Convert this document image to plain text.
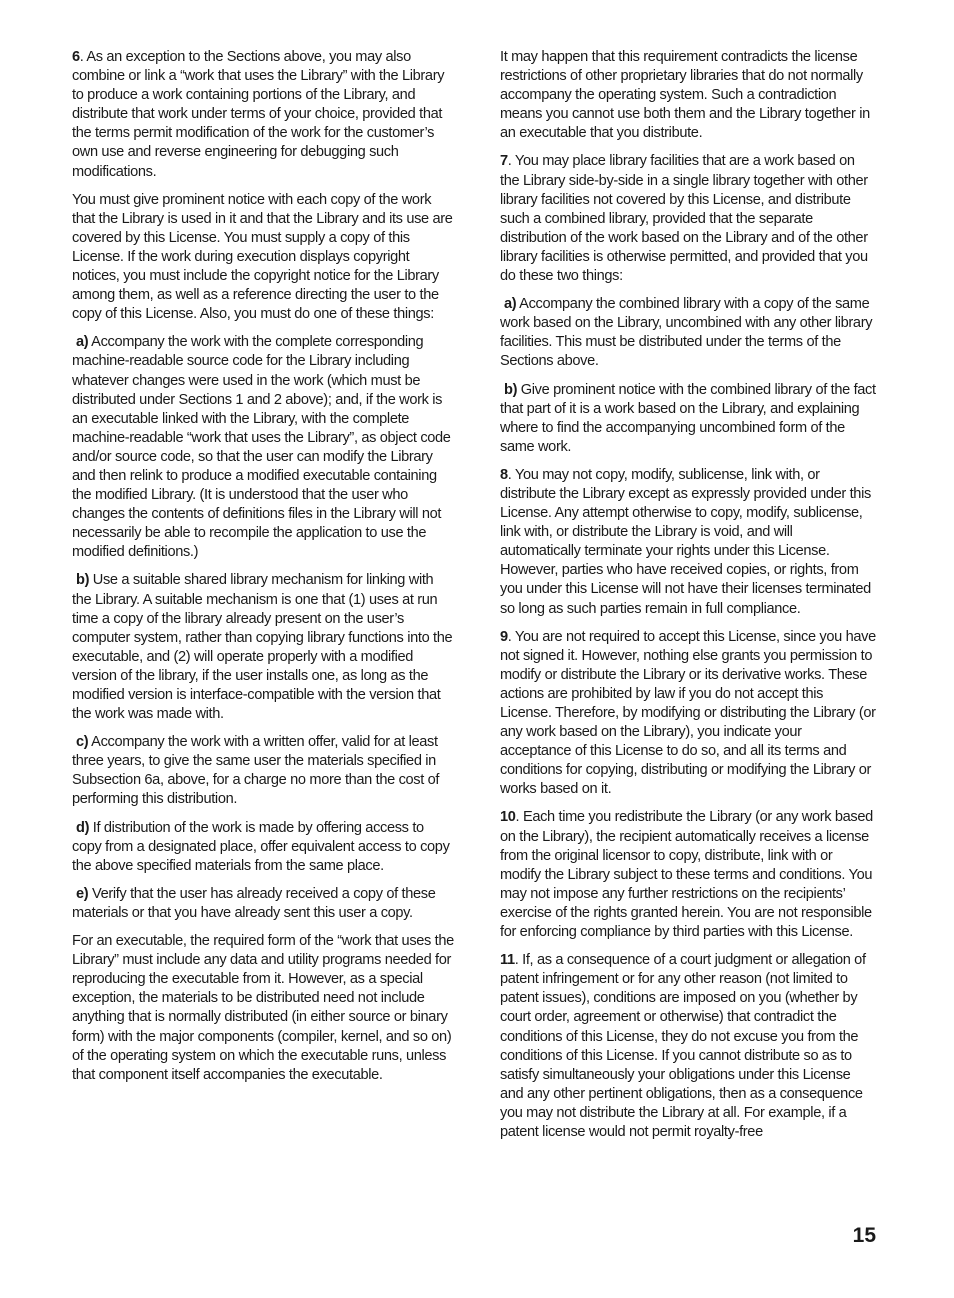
6. As an exception to the Sections above, you may also combine or link a “work that uses the Library” with the Library to produce a work containing portions of the Library, and distribute that work under terms of your choice, provided that the terms permit modification of the work for the customer’s own use and reverse engineering for debugging such modifications.

You must give prominent notice with each copy of the work that the Library is used in it and that the Library and its use are covered by this License. You must supply a copy of this License. If the work during execution displays copyright notices, you must include the copyright notice for the Library among them, as well as a reference directing the user to the copy of this License. Also, you must do one of these things:

a) Accompany the work with the complete corresponding machine-readable source code for the Library including whatever changes were used in the work (which must be distributed under Sections 1 and 2 above); and, if the work is an executable linked with the Library, with the complete machine-readable “work that uses the Library”, as object code and/or source code, so that the user can modify the Library and then relink to produce a modified executable containing the modified Library. (It is understood that the user who changes the contents of definitions files in the Library will not necessarily be able to recompile the application to use the modified definitions.)

b) Use a suitable shared library mechanism for linking with the Library. A suitable mechanism is one that (1) uses at run time a copy of the library already present on the user’s computer system, rather than copying library functions into the executable, and (2) will operate properly with a modified version of the library, if the user installs one, as long as the modified version is interface-compatible with the version that the work was made with.

c) Accompany the work with a written offer, valid for at least three years, to give the same user the materials specified in Subsection 6a, above, for a charge no more than the cost of performing this distribution.

d) If distribution of the work is made by offering access to copy from a designated place, offer equivalent access to copy the above specified materials from the same place.

e) Verify that the user has already received a copy of these materials or that you have already sent this user a copy.

For an executable, the required form of the “work that uses the Library” must include any data and utility programs needed for reproducing the executable from it. However, as a special exception, the materials to be distributed need not include anything that is normally distributed (in either source or binary form) with the major components (compiler, kernel, and so on) of the operating system on which the executable runs, unless that component itself accompanies the executable.

It may happen that this requirement contradicts the license restrictions of other proprietary libraries that do not normally accompany the operating system. Such a contradiction means you cannot use both them and the Library together in an executable that you distribute.

7. You may place library facilities that are a work based on the Library side-by-side in a single library together with other library facilities not covered by this License, and distribute such a combined library, provided that the separate distribution of the work based on the Library and of the other library facilities is otherwise permitted, and provided that you do these two things:

a) Accompany the combined library with a copy of the same work based on the Library, uncombined with any other library facilities. This must be distributed under the terms of the Sections above.

b) Give prominent notice with the combined library of the fact that part of it is a work based on the Library, and explaining where to find the accompanying uncombined form of the same work.

8. You may not copy, modify, sublicense, link with, or distribute the Library except as expressly provided under this License. Any attempt otherwise to copy, modify, sublicense, link with, or distribute the Library is void, and will automatically terminate your rights under this License. However, parties who have received copies, or rights, from you under this License will not have their licenses terminated so long as such parties remain in full compliance.

9. You are not required to accept this License, since you have not signed it. However, nothing else grants you permission to modify or distribute the Library or its derivative works. These actions are prohibited by law if you do not accept this License. Therefore, by modifying or distributing the Library (or any work based on the Library), you indicate your acceptance of this License to do so, and all its terms and conditions for copying, distributing or modifying the Library or works based on it.

10. Each time you redistribute the Library (or any work based on the Library), the recipient automatically receives a license from the original licensor to copy, distribute, link with or modify the Library subject to these terms and conditions. You may not impose any further restrictions on the recipients’ exercise of the rights granted herein. You are not responsible for enforcing compliance by third parties with this License.

11. If, as a consequence of a court judgment or allegation of patent infringement or for any other reason (not limited to patent issues), conditions are imposed on you (whether by court order, agreement or otherwise) that contradict the conditions of this License, they do not excuse you from the conditions of this License. If you cannot distribute so as to satisfy simultaneously your obligations under this License and any other pertinent obligations, then as a consequence you may not distribute the Library at all. For example, if a patent license would not permit royalty-free

15
